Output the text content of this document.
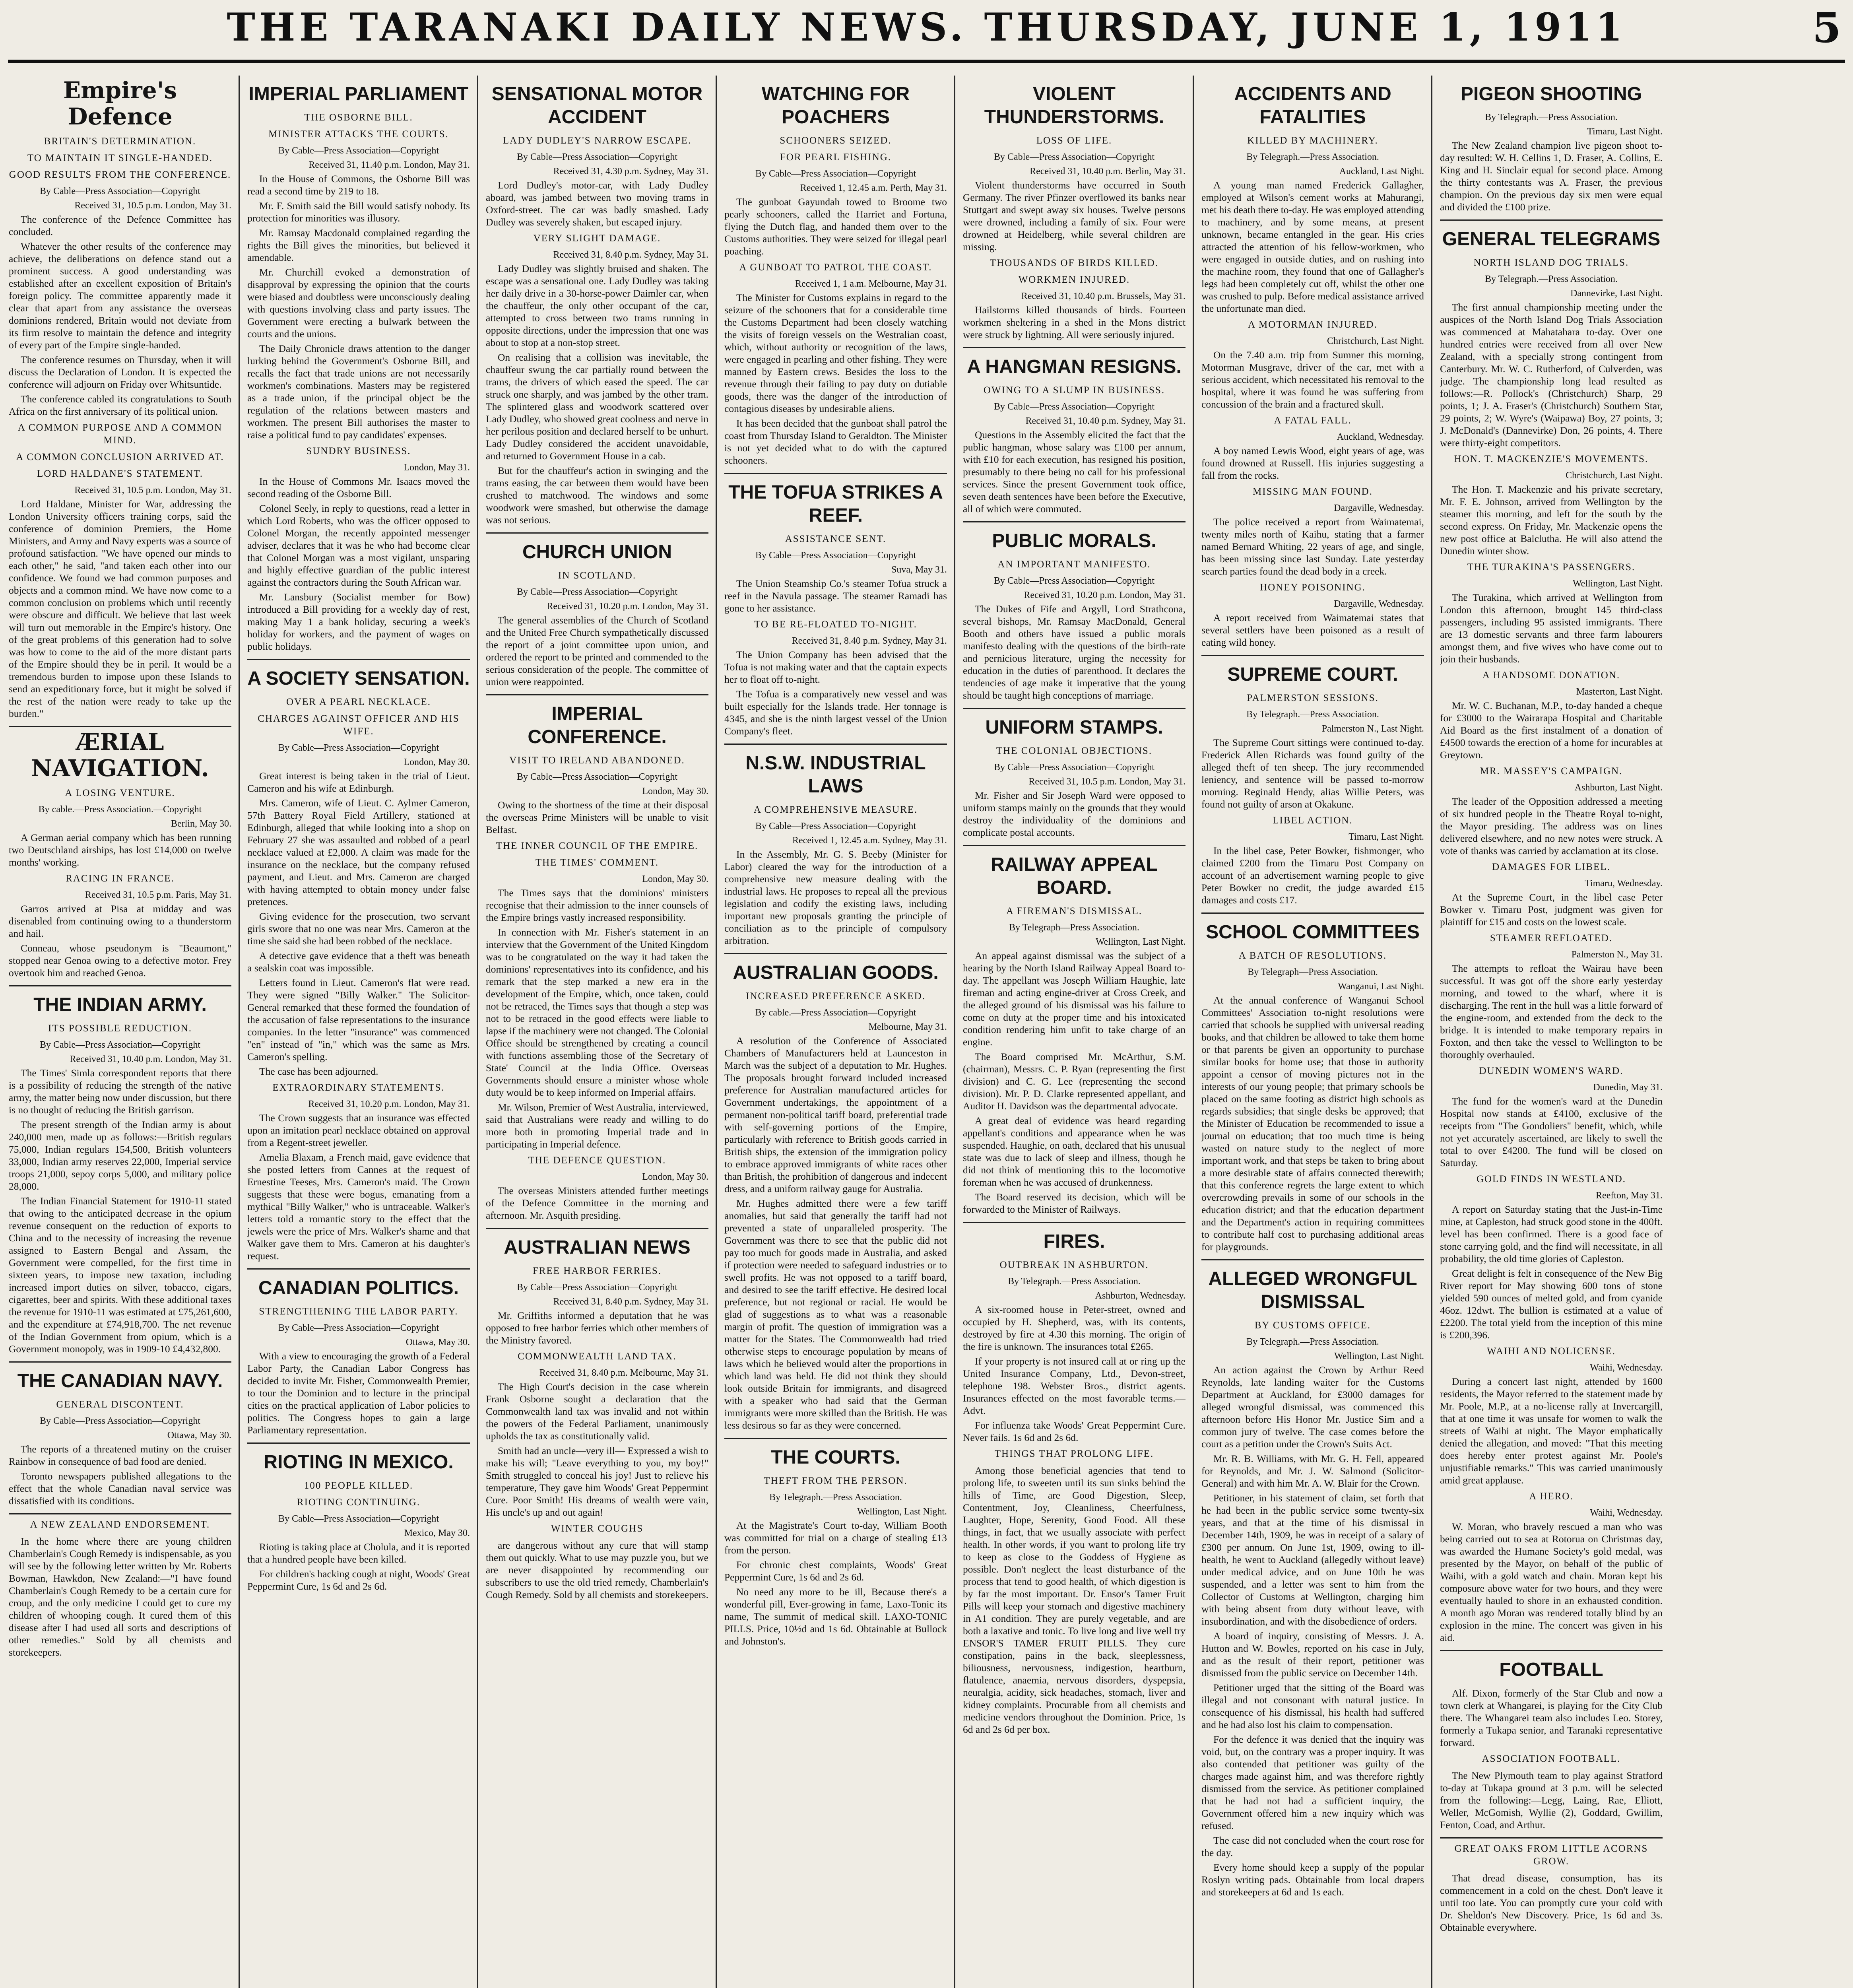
THE TARANAKI DAILY NEWS. THURSDAY, JUNE 1, 1911	5
Empire's Defence
BRITAIN'S DETERMINATION.
TO MAINTAIN IT SINGLE-HANDED.
GOOD RESULTS FROM THE CONFERENCE.
By Cable—Press Association—Copyright
Received 31, 10.5 p.m. London, May 31.

The conference of the Defence Committee has concluded.

Whatever the other results of the conference may achieve, the deliberations on defence stand out a prominent success. A good understanding was established after an excellent exposition of Britain's foreign policy. The committee apparently made it clear that apart from any assistance the overseas dominions rendered, Britain would not deviate from its firm resolve to maintain the defence and integrity of every part of the Empire single-handed.

The conference resumes on Thursday, when it will discuss the Declaration of London. It is expected the conference will adjourn on Friday over Whitsuntide.

The conference cabled its congratulations to South Africa on the first anniversary of its political union.

A COMMON PURPOSE AND A COMMON MIND.
A COMMON CONCLUSION ARRIVED AT.
LORD HALDANE'S STATEMENT.
Received 31, 10.5 p.m. London, May 31.

Lord Haldane, Minister for War, addressing the London University officers training corps, said the conference of dominion Premiers, the Home Ministers, and Army and Navy experts was a source of profound satisfaction. "We have opened our minds to each other," he said, "and taken each other into our confidence. We found we had common purposes and objects and a common mind. We have now come to a common conclusion on problems which until recently were obscure and difficult. We believe that last week will turn out memorable in the Empire's history. One of the great problems of this generation had to solve was how to come to the aid of the more distant parts of the Empire should they be in peril. It would be a tremendous burden to impose upon these Islands to send an expeditionary force, but it might be solved if the rest of the nation were ready to take up the burden."

ÆRIAL NAVIGATION.
A LOSING VENTURE.
By cable.—Press Association.—Copyright
Berlin, May 30.

A German aerial company which has been running two Deutschland airships, has lost £14,000 on twelve months' working.

RACING IN FRANCE.
Received 31, 10.5 p.m. Paris, May 31.

Garros arrived at Pisa at midday and was disenabled from continuing owing to a thunderstorm and hail.

Conneau, whose pseudonym is "Beaumont," stopped near Genoa owing to a defective motor. Frey overtook him and reached Genoa.

THE INDIAN ARMY.
ITS POSSIBLE REDUCTION.
By Cable—Press Association—Copyright
Received 31, 10.40 p.m. London, May 31.

The Times' Simla correspondent reports that there is a possibility of reducing the strength of the native army, the matter being now under discussion, but there is no thought of reducing the British garrison.

The present strength of the Indian army is about 240,000 men, made up as follows:—British regulars 75,000, Indian regulars 154,500, British volunteers 33,000, Indian army reserves 22,000, Imperial service troops 21,000, sepoy corps 5,000, and military police 28,000.

The Indian Financial Statement for 1910-11 stated that owing to the anticipated decrease in the opium revenue consequent on the reduction of exports to China and to the necessity of increasing the revenue assigned to Eastern Bengal and Assam, the Government were compelled, for the first time in sixteen years, to impose new taxation, including increased import duties on silver, tobacco, cigars, cigarettes, beer and spirits. With these additional taxes the revenue for 1910-11 was estimated at £75,261,600, and the expenditure at £74,918,700. The net revenue of the Indian Government from opium, which is a Government monopoly, was in 1909-10 £4,432,800.

THE CANADIAN NAVY.
GENERAL DISCONTENT.
By Cable—Press Association—Copyright
Ottawa, May 30.

The reports of a threatened mutiny on the cruiser Rainbow in consequence of bad food are denied.

Toronto newspapers published allegations to the effect that the whole Canadian naval service was dissatisfied with its conditions.

A NEW ZEALAND ENDORSEMENT.

In the home where there are young children Chamberlain's Cough Remedy is indispensable, as you will see by the following letter written by Mr. Roberts Bowman, Hawkdon, New Zealand:—"I have found Chamberlain's Cough Remedy to be a certain cure for croup, and the only medicine I could get to cure my children of whooping cough. It cured them of this disease after I had used all sorts and descriptions of other remedies." Sold by all chemists and storekeepers.

IMPERIAL PARLIAMENT
THE OSBORNE BILL.
MINISTER ATTACKS THE COURTS.
By Cable—Press Association—Copyright
Received 31, 11.40 p.m. London, May 31.

In the House of Commons, the Osborne Bill was read a second time by 219 to 18.

Mr. F. Smith said the Bill would satisfy nobody. Its protection for minorities was illusory.

Mr. Ramsay Macdonald complained regarding the rights the Bill gives the minorities, but believed it amendable.

Mr. Churchill evoked a demonstration of disapproval by expressing the opinion that the courts were biased and doubtless were unconsciously dealing with questions involving class and party issues. The Government were erecting a bulwark between the courts and the unions.

The Daily Chronicle draws attention to the danger lurking behind the Government's Osborne Bill, and recalls the fact that trade unions are not necessarily workmen's combinations. Masters may be registered as a trade union, if the principal object be the regulation of the relations between masters and workmen. The present Bill authorises the master to raise a political fund to pay candidates' expenses.

SUNDRY BUSINESS.
London, May 31.

In the House of Commons Mr. Isaacs moved the second reading of the Osborne Bill.

Colonel Seely, in reply to questions, read a letter in which Lord Roberts, who was the officer opposed to Colonel Morgan, the recently appointed messenger adviser, declares that it was he who had become clear that Colonel Morgan was a most vigilant, unsparing and highly effective guardian of the public interest against the contractors during the South African war.

Mr. Lansbury (Socialist member for Bow) introduced a Bill providing for a weekly day of rest, making May 1 a bank holiday, securing a week's holiday for workers, and the payment of wages on public holidays.

A SOCIETY SENSATION.
OVER A PEARL NECKLACE.
CHARGES AGAINST OFFICER AND HIS WIFE.
By Cable—Press Association—Copyright
London, May 30.

Great interest is being taken in the trial of Lieut. Cameron and his wife at Edinburgh.

Mrs. Cameron, wife of Lieut. C. Aylmer Cameron, 57th Battery Royal Field Artillery, stationed at Edinburgh, alleged that while looking into a shop on February 27 she was assaulted and robbed of a pearl necklace valued at £2,000. A claim was made for the insurance on the necklace, but the company refused payment, and Lieut. and Mrs. Cameron are charged with having attempted to obtain money under false pretences.

Giving evidence for the prosecution, two servant girls swore that no one was near Mrs. Cameron at the time she said she had been robbed of the necklace.

A detective gave evidence that a theft was beneath a sealskin coat was impossible.

Letters found in Lieut. Cameron's flat were read. They were signed "Billy Walker." The Solicitor-General remarked that these formed the foundation of the accusation of false representations to the insurance companies. In the letter "insurance" was commenced "en" instead of "in," which was the same as Mrs. Cameron's spelling.

The case has been adjourned.

EXTRAORDINARY STATEMENTS.
Received 31, 10.20 p.m. London, May 31.

The Crown suggests that an insurance was effected upon an imitation pearl necklace obtained on approval from a Regent-street jeweller.

Amelia Blaxam, a French maid, gave evidence that she posted letters from Cannes at the request of Ernestine Teeses, Mrs. Cameron's maid. The Crown suggests that these were bogus, emanating from a mythical "Billy Walker," who is untraceable. Walker's letters told a romantic story to the effect that the jewels were the price of Mrs. Walker's shame and that Walker gave them to Mrs. Cameron at his daughter's request.

CANADIAN POLITICS.
STRENGTHENING THE LABOR PARTY.
By Cable—Press Association—Copyright
Ottawa, May 30.

With a view to encouraging the growth of a Federal Labor Party, the Canadian Labor Congress has decided to invite Mr. Fisher, Commonwealth Premier, to tour the Dominion and to lecture in the principal cities on the practical application of Labor policies to politics. The Congress hopes to gain a large Parliamentary representation.

RIOTING IN MEXICO.
100 PEOPLE KILLED.
RIOTING CONTINUING.
By Cable—Press Association—Copyright
Mexico, May 30.

Rioting is taking place at Cholula, and it is reported that a hundred people have been killed.

For children's hacking cough at night, Woods' Great Peppermint Cure, 1s 6d and 2s 6d.

SENSATIONAL MOTOR ACCIDENT
LADY DUDLEY'S NARROW ESCAPE.
By Cable—Press Association—Copyright
Received 31, 4.30 p.m. Sydney, May 31.

Lord Dudley's motor-car, with Lady Dudley aboard, was jambed between two moving trams in Oxford-street. The car was badly smashed. Lady Dudley was severely shaken, but escaped injury.

VERY SLIGHT DAMAGE.
Received 31, 8.40 p.m. Sydney, May 31.

Lady Dudley was slightly bruised and shaken. The escape was a sensational one. Lady Dudley was taking her daily drive in a 30-horse-power Daimler car, when the chauffeur, the only other occupant of the car, attempted to cross between two trams running in opposite directions, under the impression that one was about to stop at a non-stop street.

On realising that a collision was inevitable, the chauffeur swung the car partially round between the trams, the drivers of which eased the speed. The car struck one sharply, and was jambed by the other tram. The splintered glass and woodwork scattered over Lady Dudley, who showed great coolness and nerve in her perilous position and declared herself to be unhurt. Lady Dudley considered the accident unavoidable, and returned to Government House in a cab.

But for the chauffeur's action in swinging and the trams easing, the car between them would have been crushed to matchwood. The windows and some woodwork were smashed, but otherwise the damage was not serious.

CHURCH UNION
IN SCOTLAND.
By Cable—Press Association—Copyright
Received 31, 10.20 p.m. London, May 31.

The general assemblies of the Church of Scotland and the United Free Church sympathetically discussed the report of a joint committee upon union, and ordered the report to be printed and commended to the serious consideration of the people. The committee of union were reappointed.

IMPERIAL CONFERENCE.
VISIT TO IRELAND ABANDONED.
By Cable—Press Association—Copyright
London, May 30.

Owing to the shortness of the time at their disposal the overseas Prime Ministers will be unable to visit Belfast.

THE INNER COUNCIL OF THE EMPIRE.
THE TIMES' COMMENT.
London, May 30.

The Times says that the dominions' ministers recognise that their admission to the inner counsels of the Empire brings vastly increased responsibility.

In connection with Mr. Fisher's statement in an interview that the Government of the United Kingdom was to be congratulated on the way it had taken the dominions' representatives into its confidence, and his remark that the step marked a new era in the development of the Empire, which, once taken, could not be retraced, the Times says that though a step was not to be retraced in the good effects were liable to lapse if the machinery were not changed. The Colonial Office should be strengthened by creating a council with functions assembling those of the Secretary of State' Council at the India Office. Overseas Governments should ensure a minister whose whole duty would be to keep informed on Imperial affairs.

Mr. Wilson, Premier of West Australia, interviewed, said that Australians were ready and willing to do more both in promoting Imperial trade and in participating in Imperial defence.

THE DEFENCE QUESTION.
London, May 30.

The overseas Ministers attended further meetings of the Defence Committee in the morning and afternoon. Mr. Asquith presiding.

AUSTRALIAN NEWS
FREE HARBOR FERRIES.
By Cable—Press Association—Copyright
Received 31, 8.40 p.m. Sydney, May 31.

Mr. Griffiths informed a deputation that he was opposed to free harbor ferries which other members of the Ministry favored.

COMMONWEALTH LAND TAX.
Received 31, 8.40 p.m. Melbourne, May 31.

The High Court's decision in the case wherein Frank Osborne sought a declaration that the Commonwealth land tax was invalid and not within the powers of the Federal Parliament, unanimously upholds the tax as constitutionally valid.

Smith had an uncle—very ill— Expressed a wish to make his will; "Leave everything to you, my boy!" Smith struggled to conceal his joy! Just to relieve his temperature, They gave him Woods' Great Peppermint Cure. Poor Smith! His dreams of wealth were vain, His uncle's up and out again!

WINTER COUGHS

are dangerous without any cure that will stamp them out quickly. What to use may puzzle you, but we are never disappointed by recommending our subscribers to use the old tried remedy, Chamberlain's Cough Remedy. Sold by all chemists and storekeepers.

WATCHING FOR POACHERS
SCHOONERS SEIZED.
FOR PEARL FISHING.
By Cable—Press Association—Copyright
Received 1, 12.45 a.m. Perth, May 31.

The gunboat Gayundah towed to Broome two pearly schooners, called the Harriet and Fortuna, flying the Dutch flag, and handed them over to the Customs authorities. They were seized for illegal pearl poaching.

A GUNBOAT TO PATROL THE COAST.
Received 1, 1 a.m. Melbourne, May 31.

The Minister for Customs explains in regard to the seizure of the schooners that for a considerable time the Customs Department had been closely watching the visits of foreign vessels on the Westralian coast, which, without authority or recognition of the laws, were engaged in pearling and other fishing. They were manned by Eastern crews. Besides the loss to the revenue through their failing to pay duty on dutiable goods, there was the danger of the introduction of contagious diseases by undesirable aliens.

It has been decided that the gunboat shall patrol the coast from Thursday Island to Geraldton. The Minister is not yet decided what to do with the captured schooners.

THE TOFUA STRIKES A REEF.
ASSISTANCE SENT.
By Cable—Press Association—Copyright
Suva, May 31.

The Union Steamship Co.'s steamer Tofua struck a reef in the Navula passage. The steamer Ramadi has gone to her assistance.

TO BE RE-FLOATED TO-NIGHT.
Received 31, 8.40 p.m. Sydney, May 31.

The Union Company has been advised that the Tofua is not making water and that the captain expects her to float off to-night.

The Tofua is a comparatively new vessel and was built especially for the Islands trade. Her tonnage is 4345, and she is the ninth largest vessel of the Union Company's fleet.

N.S.W. INDUSTRIAL LAWS
A COMPREHENSIVE MEASURE.
By Cable—Press Association—Copyright
Received 1, 12.45 a.m. Sydney, May 31.

In the Assembly, Mr. G. S. Beeby (Minister for Labor) cleared the way for the introduction of a comprehensive new measure dealing with the industrial laws. He proposes to repeal all the previous legislation and codify the existing laws, including important new proposals granting the principle of conciliation as to the principle of compulsory arbitration.

AUSTRALIAN GOODS.
INCREASED PREFERENCE ASKED.
By cable.—Press Association—Copyright
Melbourne, May 31.

A resolution of the Conference of Associated Chambers of Manufacturers held at Launceston in March was the subject of a deputation to Mr. Hughes. The proposals brought forward included increased preference for Australian manufactured articles for Government undertakings, the appointment of a permanent non-political tariff board, preferential trade with self-governing portions of the Empire, particularly with reference to British goods carried in British ships, the extension of the immigration policy to embrace approved immigrants of white races other than British, the prohibition of dangerous and indecent dress, and a uniform railway gauge for Australia.

Mr. Hughes admitted there were a few tariff anomalies, but said that generally the tariff had not prevented a state of unparalleled prosperity. The Government was there to see that the public did not pay too much for goods made in Australia, and asked if protection were needed to safeguard industries or to swell profits. He was not opposed to a tariff board, and desired to see the tariff effective. He desired local preference, but not regional or racial. He would be glad of suggestions as to what was a reasonable margin of profit. The question of immigration was a matter for the States. The Commonwealth had tried otherwise steps to encourage population by means of laws which he believed would alter the proportions in which land was held. He did not think they should look outside Britain for immigrants, and disagreed with a speaker who had said that the German immigrants were more skilled than the British. He was less desirous so far as they were concerned.

THE COURTS.
THEFT FROM THE PERSON.
By Telegraph.—Press Association.
Wellington, Last Night.

At the Magistrate's Court to-day, William Booth was committed for trial on a charge of stealing £13 from the person.

For chronic chest complaints, Woods' Great Peppermint Cure, 1s 6d and 2s 6d.

No need any more to be ill, Because there's a wonderful pill, Ever-growing in fame, Laxo-Tonic its name, The summit of medical skill. LAXO-TONIC PILLS. Price, 10½d and 1s 6d. Obtainable at Bullock and Johnston's.

VIOLENT THUNDERSTORMS.
LOSS OF LIFE.
By Cable—Press Association—Copyright
Received 31, 10.40 p.m. Berlin, May 31.

Violent thunderstorms have occurred in South Germany. The river Pfinzer overflowed its banks near Stuttgart and swept away six houses. Twelve persons were drowned, including a family of six. Four were drowned at Heidelberg, while several children are missing.

THOUSANDS OF BIRDS KILLED.
WORKMEN INJURED.
Received 31, 10.40 p.m. Brussels, May 31.

Hailstorms killed thousands of birds. Fourteen workmen sheltering in a shed in the Mons district were struck by lightning. All were seriously injured.

A HANGMAN RESIGNS.
OWING TO A SLUMP IN BUSINESS.
By Cable—Press Association—Copyright
Received 31, 10.40 p.m. Sydney, May 31.

Questions in the Assembly elicited the fact that the public hangman, whose salary was £100 per annum, with £10 for each execution, has resigned his position, presumably to there being no call for his professional services. Since the present Government took office, seven death sentences have been before the Executive, all of which were commuted.

PUBLIC MORALS.
AN IMPORTANT MANIFESTO.
By Cable—Press Association—Copyright
Received 31, 10.20 p.m. London, May 31.

The Dukes of Fife and Argyll, Lord Strathcona, several bishops, Mr. Ramsay MacDonald, General Booth and others have issued a public morals manifesto dealing with the questions of the birth-rate and pernicious literature, urging the necessity for education in the duties of parenthood. It declares the tendencies of age make it imperative that the young should be taught high conceptions of marriage.

UNIFORM STAMPS.
THE COLONIAL OBJECTIONS.
By Cable—Press Association—Copyright
Received 31, 10.5 p.m. London, May 31.

Mr. Fisher and Sir Joseph Ward were opposed to uniform stamps mainly on the grounds that they would destroy the individuality of the dominions and complicate postal accounts.

RAILWAY APPEAL BOARD.
A FIREMAN'S DISMISSAL.
By Telegraph—Press Association.
Wellington, Last Night.

An appeal against dismissal was the subject of a hearing by the North Island Railway Appeal Board to-day. The appellant was Joseph William Haughie, late fireman and acting engine-driver at Cross Creek, and the alleged ground of his dismissal was his failure to come on duty at the proper time and his intoxicated condition rendering him unfit to take charge of an engine.

The Board comprised Mr. McArthur, S.M. (chairman), Messrs. C. P. Ryan (representing the first division) and C. G. Lee (representing the second division). Mr. P. D. Clarke represented appellant, and Auditor H. Davidson was the departmental advocate.

A great deal of evidence was heard regarding appellant's conditions and appearance when he was suspended. Haughie, on oath, declared that his unusual state was due to lack of sleep and illness, though he did not think of mentioning this to the locomotive foreman when he was accused of drunkenness.

The Board reserved its decision, which will be forwarded to the Minister of Railways.

FIRES.
OUTBREAK IN ASHBURTON.
By Telegraph.—Press Association.
Ashburton, Wednesday.

A six-roomed house in Peter-street, owned and occupied by H. Shepherd, was, with its contents, destroyed by fire at 4.30 this morning. The origin of the fire is unknown. The insurances total £265.

If your property is not insured call at or ring up the United Insurance Company, Ltd., Devon-street, telephone 198. Webster Bros., district agents. Insurances effected on the most favorable terms.—Advt.

For influenza take Woods' Great Peppermint Cure. Never fails. 1s 6d and 2s 6d.

THINGS THAT PROLONG LIFE.

Among those beneficial agencies that tend to prolong life, to sweeten until its sun sinks behind the hills of Time, are Good Digestion, Sleep, Contentment, Joy, Cleanliness, Cheerfulness, Laughter, Hope, Serenity, Good Food. All these things, in fact, that we usually associate with perfect health. In other words, if you want to prolong life try to keep as close to the Goddess of Hygiene as possible. Don't neglect the least disturbance of the process that tend to good health, of which digestion is by far the most important. Dr. Ensor's Tamer Fruit Pills will keep your stomach and digestive machinery in A1 condition. They are purely vegetable, and are both a laxative and tonic. To live long and live well try ENSOR'S TAMER FRUIT PILLS. They cure constipation, pains in the back, sleeplessness, biliousness, nervousness, indigestion, heartburn, flatulence, anaemia, nervous disorders, dyspepsia, neuralgia, acidity, sick headaches, stomach, liver and kidney complaints. Procurable from all chemists and medicine vendors throughout the Dominion. Price, 1s 6d and 2s 6d per box.

ACCIDENTS AND FATALITIES
KILLED BY MACHINERY.
By Telegraph.—Press Association.
Auckland, Last Night.

A young man named Frederick Gallagher, employed at Wilson's cement works at Mahurangi, met his death there to-day. He was employed attending to machinery, and by some means, at present unknown, became entangled in the gear. His cries attracted the attention of his fellow-workmen, who were engaged in outside duties, and on rushing into the machine room, they found that one of Gallagher's legs had been completely cut off, whilst the other one was crushed to pulp. Before medical assistance arrived the unfortunate man died.

A MOTORMAN INJURED.
Christchurch, Last Night.

On the 7.40 a.m. trip from Sumner this morning, Motorman Musgrave, driver of the car, met with a serious accident, which necessitated his removal to the hospital, where it was found he was suffering from concussion of the brain and a fractured skull.

A FATAL FALL.
Auckland, Wednesday.

A boy named Lewis Wood, eight years of age, was found drowned at Russell. His injuries suggesting a fall from the rocks.

MISSING MAN FOUND.
Dargaville, Wednesday.

The police received a report from Waimatemai, twenty miles north of Kaihu, stating that a farmer named Bernard Whiting, 22 years of age, and single, has been missing since last Sunday. Late yesterday search parties found the dead body in a creek.

HONEY POISONING.
Dargaville, Wednesday.

A report received from Waimatemai states that several settlers have been poisoned as a result of eating wild honey.

SUPREME COURT.
PALMERSTON SESSIONS.
By Telegraph.—Press Association.
Palmerston N., Last Night.

The Supreme Court sittings were continued to-day. Frederick Allen Richards was found guilty of the alleged theft of ten sheep. The jury recommended leniency, and sentence will be passed to-morrow morning. Reginald Hendy, alias Willie Peters, was found not guilty of arson at Okakune.

LIBEL ACTION.
Timaru, Last Night.

In the libel case, Peter Bowker, fishmonger, who claimed £200 from the Timaru Post Company on account of an advertisement warning people to give Peter Bowker no credit, the judge awarded £15 damages and costs £17.

SCHOOL COMMITTEES
A BATCH OF RESOLUTIONS.
By Telegraph—Press Association.
Wanganui, Last Night.

At the annual conference of Wanganui School Committees' Association to-night resolutions were carried that schools be supplied with universal reading books, and that children be allowed to take them home or that parents be given an opportunity to purchase similar books for home use; that those in authority appoint a censor of moving pictures not in the interests of our young people; that primary schools be placed on the same footing as district high schools as regards subsidies; that single desks be approved; that the Minister of Education be recommended to issue a journal on education; that too much time is being wasted on nature study to the neglect of more important work, and that steps be taken to bring about a more desirable state of affairs connected therewith; that this conference regrets the large extent to which overcrowding prevails in some of our schools in the education district; and that the education department and the Department's action in requiring committees to contribute half cost to purchasing additional areas for playgrounds.

ALLEGED WRONGFUL DISMISSAL
BY CUSTOMS OFFICE.
By Telegraph.—Press Association.
Wellington, Last Night.

An action against the Crown by Arthur Reed Reynolds, late landing waiter for the Customs Department at Auckland, for £3000 damages for alleged wrongful dismissal, was commenced this afternoon before His Honor Mr. Justice Sim and a common jury of twelve. The case comes before the court as a petition under the Crown's Suits Act.

Mr. R. B. Williams, with Mr. G. H. Fell, appeared for Reynolds, and Mr. J. W. Salmond (Solicitor-General) and with him Mr. A. W. Blair for the Crown.

Petitioner, in his statement of claim, set forth that he had been in the public service some twenty-six years, and that at the time of his dismissal in December 14th, 1909, he was in receipt of a salary of £300 per annum. On June 1st, 1909, owing to ill-health, he went to Auckland (allegedly without leave) under medical advice, and on June 10th he was suspended, and a letter was sent to him from the Collector of Customs at Wellington, charging him with being absent from duty without leave, with insubordination, and with the disobedience of orders.

A board of inquiry, consisting of Messrs. J. A. Hutton and W. Bowles, reported on his case in July, and as the result of their report, petitioner was dismissed from the public service on December 14th.

Petitioner urged that the sitting of the Board was illegal and not consonant with natural justice. In consequence of his dismissal, his health had suffered and he had also lost his claim to compensation.

For the defence it was denied that the inquiry was void, but, on the contrary was a proper inquiry. It was also contended that petitioner was guilty of the charges made against him, and was therefore rightly dismissed from the service. As petitioner complained that he had not had a sufficient inquiry, the Government offered him a new inquiry which was refused.

The case did not concluded when the court rose for the day.

Every home should keep a supply of the popular Roslyn writing pads. Obtainable from local drapers and storekeepers at 6d and 1s each.

PIGEON SHOOTING
By Telegraph.—Press Association.
Timaru, Last Night.

The New Zealand champion live pigeon shoot to-day resulted: W. H. Cellins 1, D. Fraser, A. Collins, E. King and H. Sinclair equal for second place. Among the thirty contestants was A. Fraser, the previous champion. On the previous day six men were equal and divided the £100 prize.

GENERAL TELEGRAMS
NORTH ISLAND DOG TRIALS.
By Telegraph.—Press Association.
Dannevirke, Last Night.

The first annual championship meeting under the auspices of the North Island Dog Trials Association was commenced at Mahatahara to-day. Over one hundred entries were received from all over New Zealand, with a specially strong contingent from Canterbury. Mr. W. C. Rutherford, of Culverden, was judge. The championship long lead resulted as follows:—R. Pollock's (Christchurch) Sharp, 29 points, 1; J. A. Fraser's (Christchurch) Southern Star, 29 points, 2; W. Wyre's (Waipawa) Boy, 27 points, 3; J. McDonald's (Dannevirke) Don, 26 points, 4. There were thirty-eight competitors.

HON. T. MACKENZIE'S MOVEMENTS.
Christchurch, Last Night.

The Hon. T. Mackenzie and his private secretary, Mr. F. E. Johnson, arrived from Wellington by the steamer this morning, and left for the south by the second express. On Friday, Mr. Mackenzie opens the new post office at Balclutha. He will also attend the Dunedin winter show.

THE TURAKINA'S PASSENGERS.
Wellington, Last Night.

The Turakina, which arrived at Wellington from London this afternoon, brought 145 third-class passengers, including 95 assisted immigrants. There are 13 domestic servants and three farm labourers amongst them, and five wives who have come out to join their husbands.

A HANDSOME DONATION.
Masterton, Last Night.

Mr. W. C. Buchanan, M.P., to-day handed a cheque for £3000 to the Wairarapa Hospital and Charitable Aid Board as the first instalment of a donation of £4500 towards the erection of a home for incurables at Greytown.

MR. MASSEY'S CAMPAIGN.
Ashburton, Last Night.

The leader of the Opposition addressed a meeting of six hundred people in the Theatre Royal to-night, the Mayor presiding. The address was on lines delivered elsewhere, and no new notes were struck. A vote of thanks was carried by acclamation at its close.

DAMAGES FOR LIBEL.
Timaru, Wednesday.

At the Supreme Court, in the libel case Peter Bowker v. Timaru Post, judgment was given for plaintiff for £15 and costs on the lowest scale.

STEAMER REFLOATED.
Palmerston N., May 31.

The attempts to refloat the Wairau have been successful. It was got off the shore early yesterday morning, and towed to the wharf, where it is discharging. The rent in the hull was a little forward of the engine-room, and extended from the deck to the bridge. It is intended to make temporary repairs in Foxton, and then take the vessel to Wellington to be thoroughly overhauled.

DUNEDIN WOMEN'S WARD.
Dunedin, May 31.

The fund for the women's ward at the Dunedin Hospital now stands at £4100, exclusive of the receipts from "The Gondoliers" benefit, which, while not yet accurately ascertained, are likely to swell the total to over £4200. The fund will be closed on Saturday.

GOLD FINDS IN WESTLAND.
Reefton, May 31.

A report on Saturday stating that the Just-in-Time mine, at Capleston, had struck good stone in the 400ft. level has been confirmed. There is a good face of stone carrying gold, and the find will necessitate, in all probability, the old time glories of Capleston.

Great delight is felt in consequence of the New Big River report for May showing 600 tons of stone yielded 590 ounces of melted gold, and from cyanide 46oz. 12dwt. The bullion is estimated at a value of £2200. The total yield from the inception of this mine is £200,396.

WAIHI AND NOLICENSE.
Waihi, Wednesday.

During a concert last night, attended by 1600 residents, the Mayor referred to the statement made by Mr. Poole, M.P., at a no-license rally at Invercargill, that at one time it was unsafe for women to walk the streets of Waihi at night. The Mayor emphatically denied the allegation, and moved: "That this meeting does hereby enter protest against Mr. Poole's unjustifiable remarks." This was carried unanimously amid great applause.

A HERO.
Waihi, Wednesday.

W. Moran, who bravely rescued a man who was being carried out to sea at Rotorua on Christmas day, was awarded the Humane Society's gold medal, was presented by the Mayor, on behalf of the public of Waihi, with a gold watch and chain. Moran kept his composure above water for two hours, and they were eventually hauled to shore in an exhausted condition. A month ago Moran was rendered totally blind by an explosion in the mine. The concert was given in his aid.

FOOTBALL

Alf. Dixon, formerly of the Star Club and now a town clerk at Whangarei, is playing for the City Club there. The Whangarei team also includes Leo. Storey, formerly a Tukapa senior, and Taranaki representative forward.

ASSOCIATION FOOTBALL.

The New Plymouth team to play against Stratford to-day at Tukapa ground at 3 p.m. will be selected from the following:—Legg, Laing, Rae, Elliott, Weller, McGomish, Wyllie (2), Goddard, Gwillim, Fenton, Coad, and Arthur.

GREAT OAKS FROM LITTLE ACORNS GROW.

That dread disease, consumption, has its commencement in a cold on the chest. Don't leave it until too late. You can promptly cure your cold with Dr. Sheldon's New Discovery. Price, 1s 6d and 3s. Obtainable everywhere.
